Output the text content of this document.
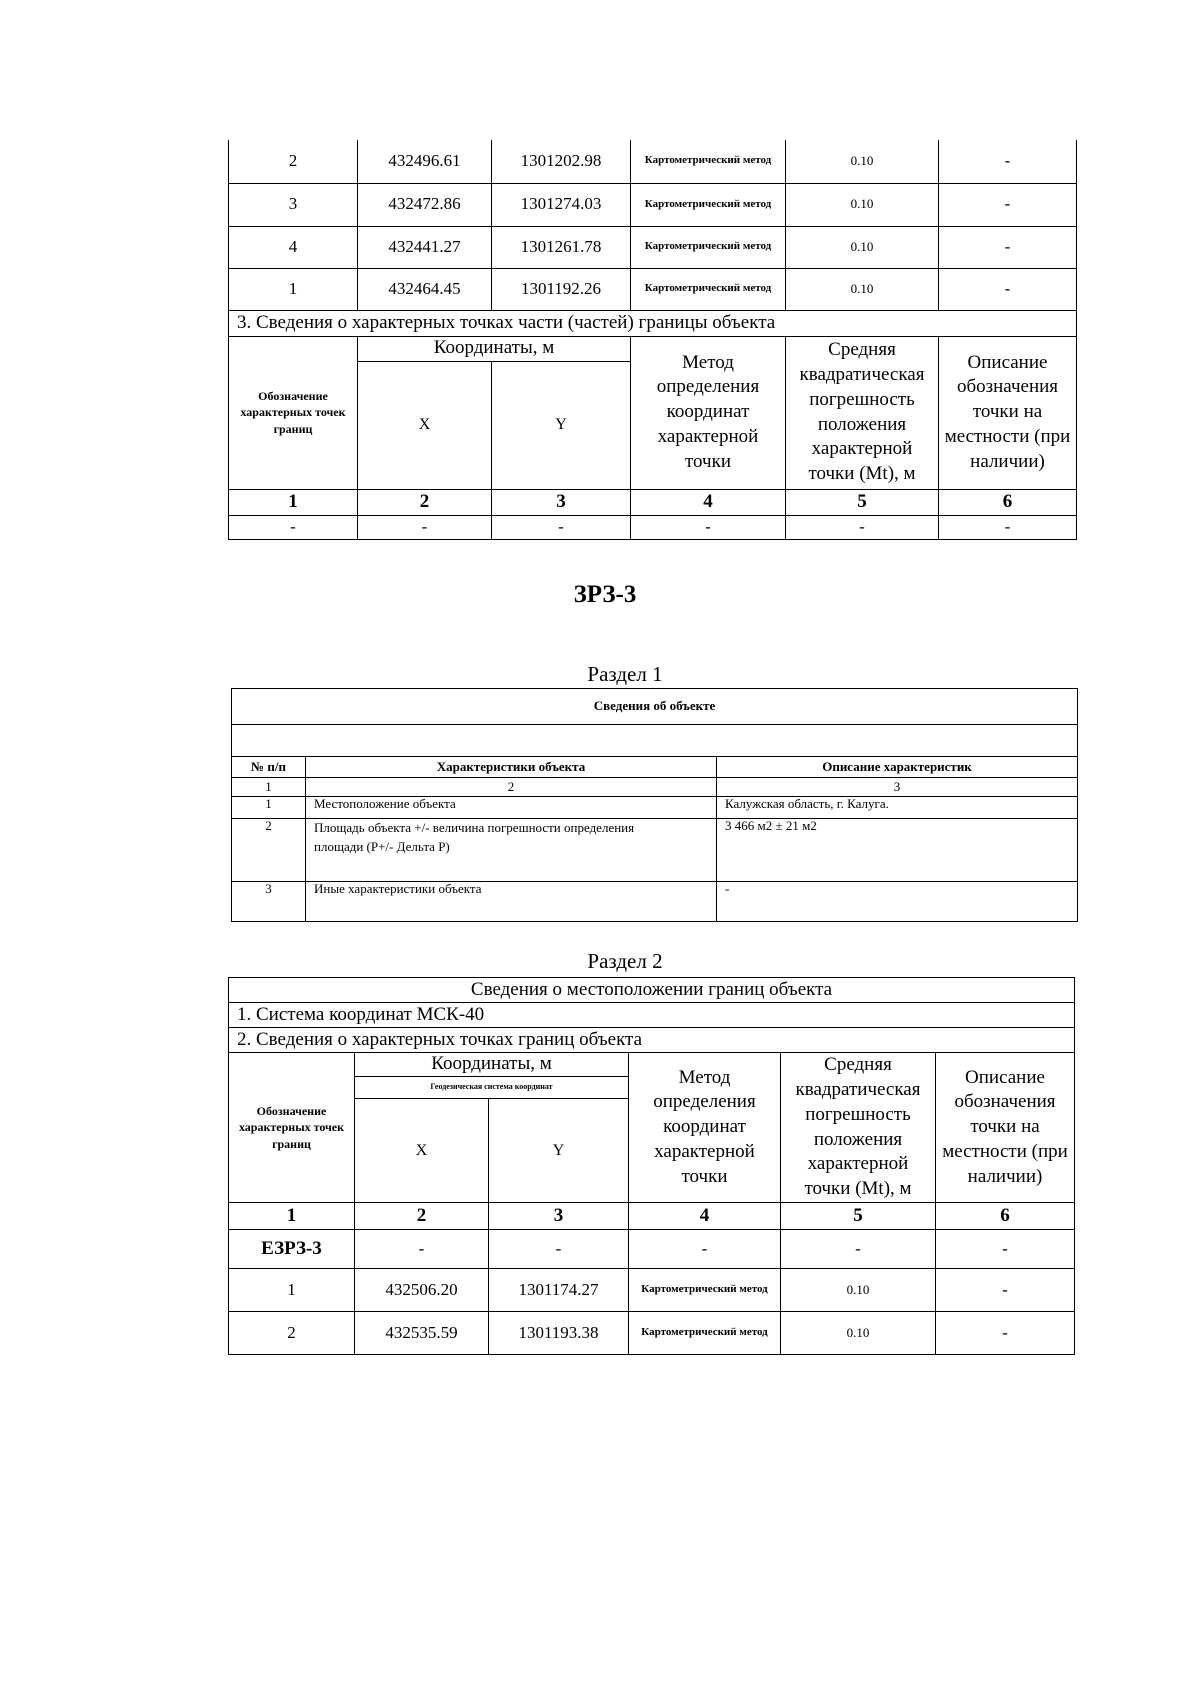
2	432496.61	1301202.98	Картометрический метод	0.10	-
3	432472.86	1301274.03	Картометрический метод	0.10	-
4	432441.27	1301261.78	Картометрический метод	0.10	-
1	432464.45	1301192.26	Картометрический метод	0.10	-
3. Сведения о характерных точках части (частей) границы объекта					
Обозначение характерных точек границ	Координаты, м		Метод определения координат характерной точки	Средняя квадратическая погрешность положения характерной точки (Mt), м	Описание обозначения точки на местности (при наличии)
	X	Y			
1	2	3	4	5	6
-	-	-	-	-	-
ЗРЗ-3
Раздел 1
Сведения об объекте		

№ п/п	Характеристики объекта	Описание характеристик
1	2	3
1	Местоположение объекта	Калужская область, г. Калуга.
2	Площадь объекта +/- величина погрешности определения площади (Р+/- Дельта Р)	3 466 м2 ± 21 м2
3	Иные характеристики объекта	-
Раздел 2
Сведения о местоположении границ объекта					
1. Система координат МСК-40					
2. Сведения о характерных точках границ объекта					
Обозначение характерных точек границ	Координаты, м		Метод определения координат характерной точки	Средняя квадратическая погрешность положения характерной точки (Mt), м	Описание обозначения точки на местности (при наличии)
	Геодезическая система координат				
	X	Y			
1	2	3	4	5	6
ЕЗРЗ-3	-	-	-	-	-
1	432506.20	1301174.27	Картометрический метод	0.10	-
2	432535.59	1301193.38	Картометрический метод	0.10	-
